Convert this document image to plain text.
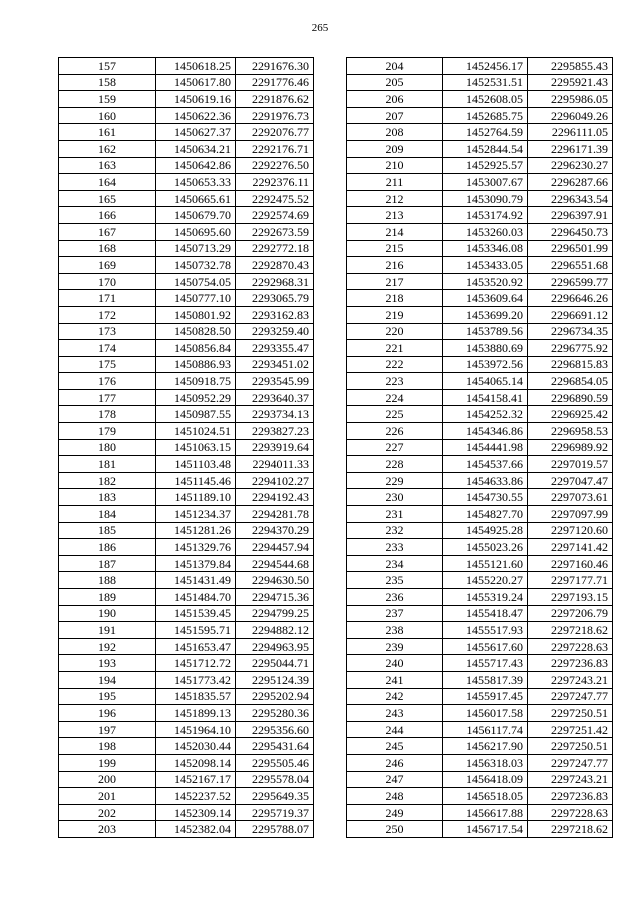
265
157	1450618.25	2291676.30
158	1450617.80	2291776.46
159	1450619.16	2291876.62
160	1450622.36	2291976.73
161	1450627.37	2292076.77
162	1450634.21	2292176.71
163	1450642.86	2292276.50
164	1450653.33	2292376.11
165	1450665.61	2292475.52
166	1450679.70	2292574.69
167	1450695.60	2292673.59
168	1450713.29	2292772.18
169	1450732.78	2292870.43
170	1450754.05	2292968.31
171	1450777.10	2293065.79
172	1450801.92	2293162.83
173	1450828.50	2293259.40
174	1450856.84	2293355.47
175	1450886.93	2293451.02
176	1450918.75	2293545.99
177	1450952.29	2293640.37
178	1450987.55	2293734.13
179	1451024.51	2293827.23
180	1451063.15	2293919.64
181	1451103.48	2294011.33
182	1451145.46	2294102.27
183	1451189.10	2294192.43
184	1451234.37	2294281.78
185	1451281.26	2294370.29
186	1451329.76	2294457.94
187	1451379.84	2294544.68
188	1451431.49	2294630.50
189	1451484.70	2294715.36
190	1451539.45	2294799.25
191	1451595.71	2294882.12
192	1451653.47	2294963.95
193	1451712.72	2295044.71
194	1451773.42	2295124.39
195	1451835.57	2295202.94
196	1451899.13	2295280.36
197	1451964.10	2295356.60
198	1452030.44	2295431.64
199	1452098.14	2295505.46
200	1452167.17	2295578.04
201	1452237.52	2295649.35
202	1452309.14	2295719.37
203	1452382.04	2295788.07
204	1452456.17	2295855.43
205	1452531.51	2295921.43
206	1452608.05	2295986.05
207	1452685.75	2296049.26
208	1452764.59	2296111.05
209	1452844.54	2296171.39
210	1452925.57	2296230.27
211	1453007.67	2296287.66
212	1453090.79	2296343.54
213	1453174.92	2296397.91
214	1453260.03	2296450.73
215	1453346.08	2296501.99
216	1453433.05	2296551.68
217	1453520.92	2296599.77
218	1453609.64	2296646.26
219	1453699.20	2296691.12
220	1453789.56	2296734.35
221	1453880.69	2296775.92
222	1453972.56	2296815.83
223	1454065.14	2296854.05
224	1454158.41	2296890.59
225	1454252.32	2296925.42
226	1454346.86	2296958.53
227	1454441.98	2296989.92
228	1454537.66	2297019.57
229	1454633.86	2297047.47
230	1454730.55	2297073.61
231	1454827.70	2297097.99
232	1454925.28	2297120.60
233	1455023.26	2297141.42
234	1455121.60	2297160.46
235	1455220.27	2297177.71
236	1455319.24	2297193.15
237	1455418.47	2297206.79
238	1455517.93	2297218.62
239	1455617.60	2297228.63
240	1455717.43	2297236.83
241	1455817.39	2297243.21
242	1455917.45	2297247.77
243	1456017.58	2297250.51
244	1456117.74	2297251.42
245	1456217.90	2297250.51
246	1456318.03	2297247.77
247	1456418.09	2297243.21
248	1456518.05	2297236.83
249	1456617.88	2297228.63
250	1456717.54	2297218.62
